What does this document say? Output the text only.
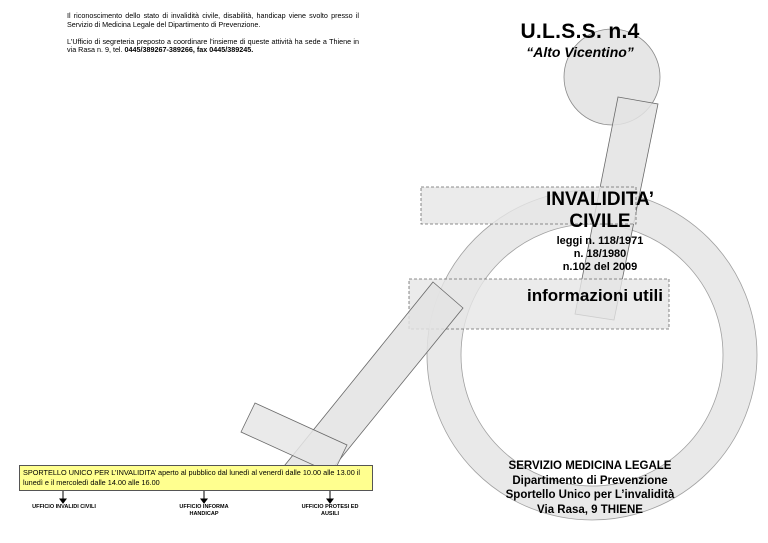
Il riconoscimento dello stato di invalidità civile, disabilità, handicap viene svolto presso il Servizio di Medicina Legale del Dipartimento di Prevenzione.

L'Ufficio di segreteria preposto a coordinare l'insieme di queste attività ha sede a Thiene in via Rasa n. 9, tel. 0445/389267-389266, fax 0445/389245.

U.L.S.S. n.4
“Alto Vicentino”
INVALIDITA’
CIVILE
leggi n. 118/1971
n. 18/1980
n.102 del 2009
informazioni utili
SERVIZIO MEDICINA LEGALE
Dipartimento di Prevenzione
Sportello Unico per L’invalidità
Via Rasa, 9 THIENE
SPORTELLO UNICO PER L’INVALIDITA’ aperto al pubblico dal lunedì al venerdì dalle 10.00 alle 13.00 il lunedì e il mercoledì dalle 14.00 alle 16.00
UFFICIO INVALIDI CIVILI	UFFICIO INFORMA
HANDICAP
UFFICIO PROTESI ED
AUSILI
